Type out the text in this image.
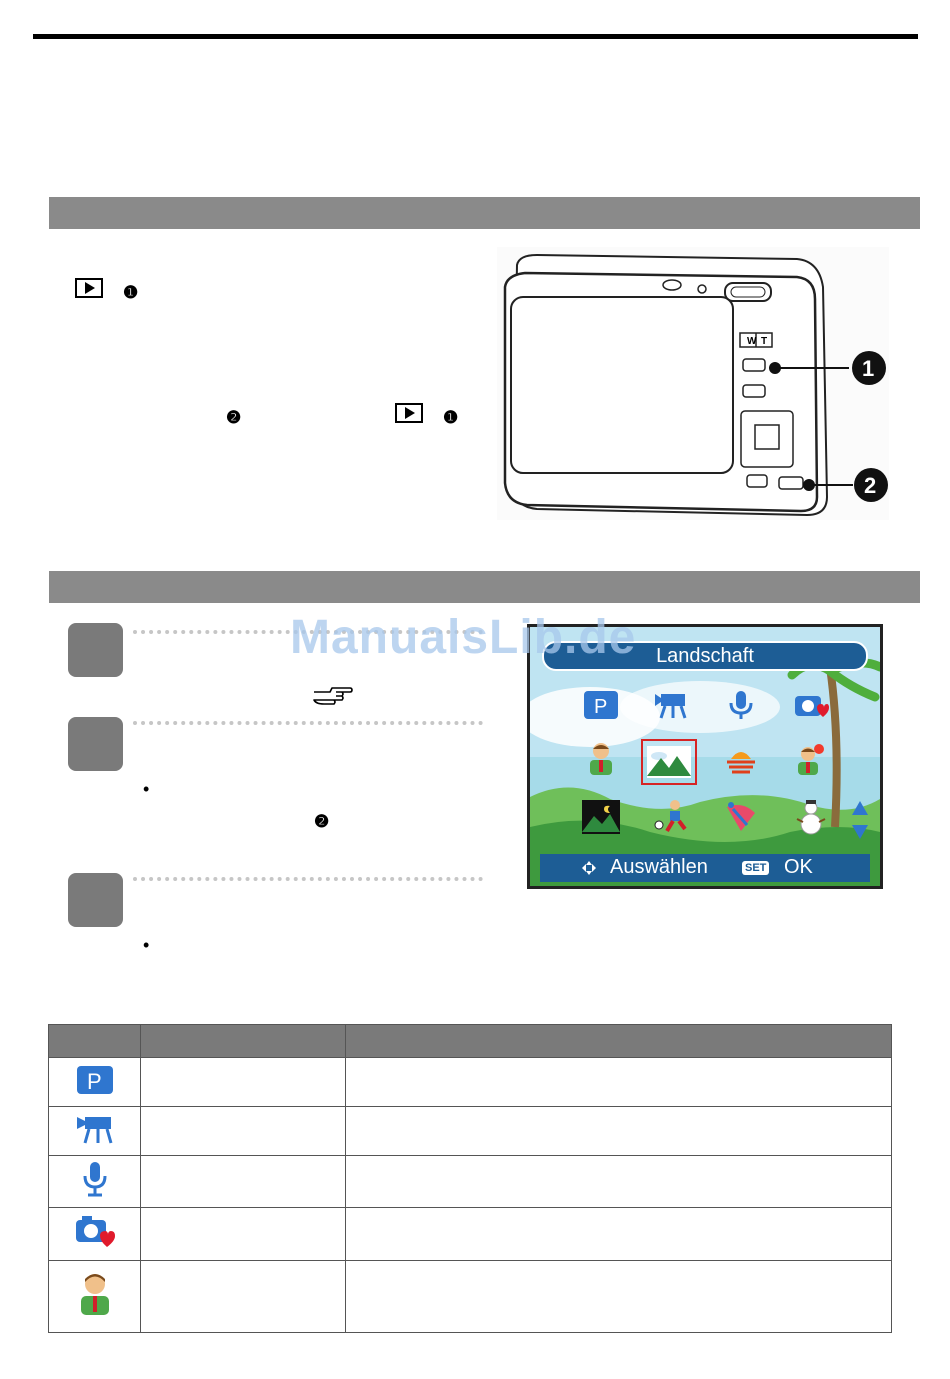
❶
❷	❶
W T
1
2
•
❷
•
Landschaft
P
Auswählen	SET OK
ManualsLib.de

P		
